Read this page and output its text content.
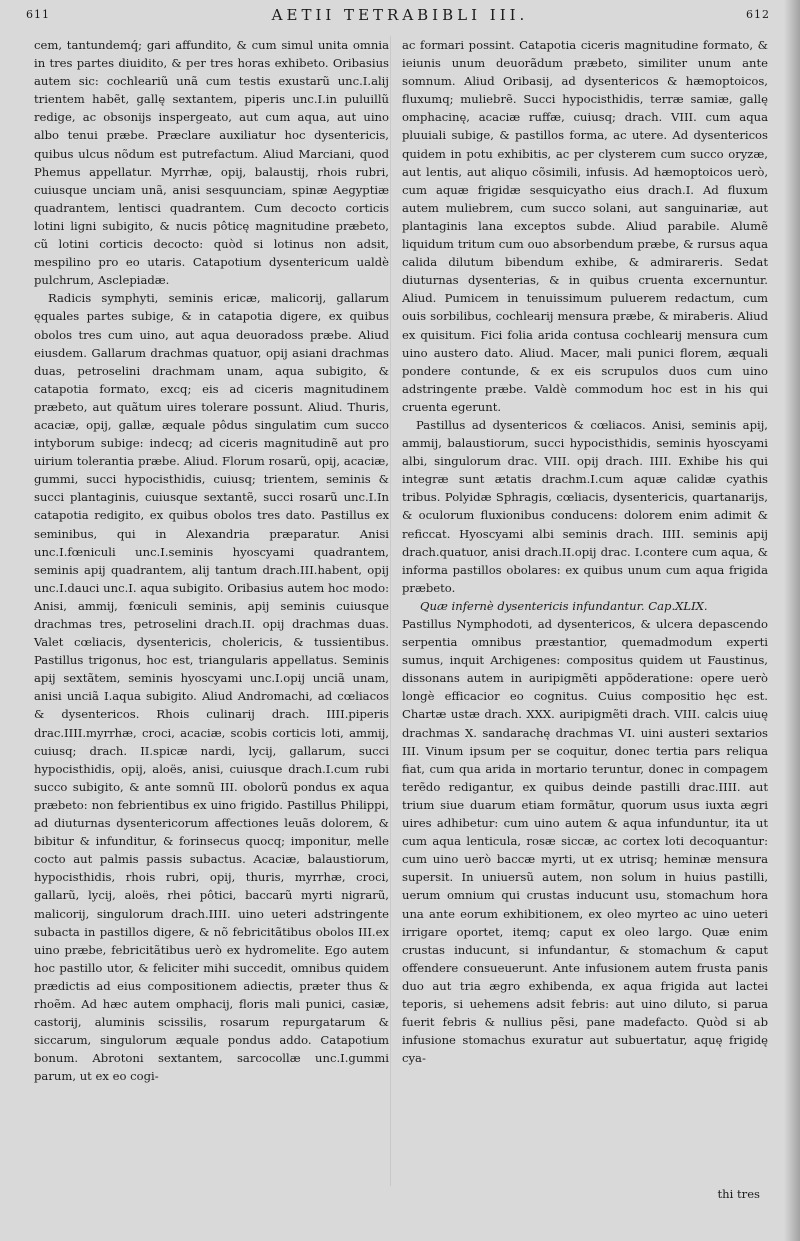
611	AETII TETRABIBLI III.	612

cem, tantundemq́; gari affundito, & cum simul unita omnia in tres partes diuidito, & per tres horas exhibeto. Oribasius autem sic: cochleariũ unã cum testis exustarũ unc.I.alij trientem habẽt, gallę sextantem, piperis unc.I.in puluillũ redige, ac obsonijs inspergeato, aut cum aqua, aut uino albo tenui præbe. Præclare auxiliatur hoc dysentericis, quibus ulcus nõdum est putrefactum. Aliud Marciani, quod Phemus appellatur. Myrrhæ, opij, balaustij, rhois rubri, cuiusque unciam unã, anisi sesquunciam, spinæ Aegyptiæ quadrantem, lentisci quadrantem. Cum decocto corticis lotini ligni subigito, & nucis pôticę magnitudine præbeto, cũ lotini corticis decocto: quòd si lotinus non adsit, mespilino pro eo utaris. Catapotium dysentericum ualdè pulchrum, Asclepiadæ.

Radicis symphyti, seminis ericæ, malicorij, gallarum ęquales partes subige, & in catapotia digere, ex quibus obolos tres cum uino, aut aqua deuoradoss præbe. Aliud eiusdem. Gallarum drachmas quatuor, opij asiani drachmas duas, petroselini drachmam unam, aqua subigito, & catapotia formato, excq; eis ad ciceris magnitudinem præbeto, aut quãtum uires tolerare possunt. Aliud. Thuris, acaciæ, opij, gallæ, æquale pôdus singulatim cum succo intyborum subige: indecq; ad ciceris magnitudinẽ aut pro uirium tolerantia præbe. Aliud. Florum rosarũ, opij, acaciæ, gummi, succi hypocisthidis, cuiusq; trientem, seminis & succi plantaginis, cuiusque sextantẽ, succi rosarũ unc.I.In catapotia redigito, ex quibus obolos tres dato. Pastillus ex seminibus, qui in Alexandria præparatur. Anisi unc.I.fœniculi unc.I.seminis hyoscyami quadrantem, seminis apij quadrantem, alij tantum drach.III.habent, opij unc.I.dauci unc.I. aqua subigito. Oribasius autem hoc modo: Anisi, ammij, fœniculi seminis, apij seminis cuiusque drachmas tres, petroselini drach.II. opij drachmas duas. Valet cœliacis, dysentericis, cholericis, & tussientibus. Pastillus trigonus, hoc est, triangularis appellatus. Seminis apij sextãtem, seminis hyoscyami unc.I.opij unciã unam, anisi unciã I.aqua subigito. Aliud Andromachi, ad cœliacos & dysentericos. Rhois culinarij drach. IIII.piperis drac.IIII.myrrhæ, croci, acaciæ, scobis corticis loti, ammij, cuiusq; drach. II.spicæ nardi, lycij, gallarum, succi hypocisthidis, opij, aloës, anisi, cuiusque drach.I.cum rubi succo subigito, & ante somnũ III. obolorũ pondus ex aqua præbeto: non febrientibus ex uino frigido. Pastillus Philippi, ad diuturnas dysentericorum affectiones leuãs dolorem, & bibitur & infunditur, & forinsecus quocq; imponitur, melle cocto aut palmis passis subactus. Acaciæ, balaustiorum, hypocisthidis, rhois rubri, opij, thuris, myrrhæ, croci, gallarũ, lycij, aloës, rhei pôtici, baccarũ myrti nigrarũ, malicorij, singulorum drach.IIII. uino ueteri adstringente subacta in pastillos digere, & nõ febricitãtibus obolos III.ex uino præbe, febricitãtibus uerò ex hydromelite. Ego autem hoc pastillo utor, & feliciter mihi succedit, omnibus quidem prædictis ad eius compositionem adiectis, præter thus & rhoẽm. Ad hæc autem omphacij, floris mali punici, casiæ, castorij, aluminis scissilis, rosarum repurgatarum & siccarum, singulorum æquale pondus addo. Catapotium bonum. Abrotoni sextantem, sarcocollæ unc.I.gummi parum, ut ex eo cogi-

ac formari possint. Catapotia ciceris magnitudine formato, & ieiunis unum deuorãdum præbeto, similiter unum ante somnum. Aliud Oribasij, ad dysentericos & hæmoptoicos, fluxumq; muliebrẽ. Succi hypocisthidis, terræ samiæ, gallę omphacinę, acaciæ ruffæ, cuiusq; drach. VIII. cum aqua pluuiali subige, & pastillos forma, ac utere. Ad dysentericos quidem in potu exhibitis, ac per clysterem cum succo oryzæ, aut lentis, aut aliquo cõsimili, infusis. Ad hæmoptoicos uerò, cum aquæ frigidæ sesquicyatho eius drach.I. Ad fluxum autem muliebrem, cum succo solani, aut sanguinariæ, aut plantaginis lana exceptos subde. Aliud parabile. Alumẽ liquidum tritum cum ouo absorbendum præbe, & rursus aqua calida dilutum bibendum exhibe, & admirareris. Sedat diuturnas dysenterias, & in quibus cruenta excernuntur. Aliud. Pumicem in tenuissimum puluerem redactum, cum ouis sorbilibus, cochlearij mensura præbe, & miraberis. Aliud ex quisitum. Fici folia arida contusa cochlearij mensura cum uino austero dato. Aliud. Macer, mali punici florem, æquali pondere contunde, & ex eis scrupulos duos cum uino adstringente præbe. Valdè commodum hoc est in his qui cruenta egerunt.

Pastillus ad dysentericos & cœliacos. Anisi, seminis apij, ammij, balaustiorum, succi hypocisthidis, seminis hyoscyami albi, singulorum drac. VIII. opij drach. IIII. Exhibe his qui integræ sunt ætatis drachm.I.cum aquæ calidæ cyathis tribus. Polyidæ Sphragis, cœliacis, dysentericis, quartanarijs, & oculorum fluxionibus conducens: dolorem enim adimit & reficcat. Hyoscyami albi seminis drach. IIII. seminis apij drach.quatuor, anisi drach.II.opij drac. I.contere cum aqua, & informa pastillos obolares: ex quibus unum cum aqua frigida præbeto.

Quæ infernè dysentericis infundantur. Cap.XLIX.

Pastillus Nymphodoti, ad dysentericos, & ulcera depascendo serpentia omnibus præstantior, quemadmodum experti sumus, inquit Archigenes: compositus quidem ut Faustinus, dissonans autem in auripigmẽti appõderatione: opere uerò longè efficacior eo cognitus. Cuius compositio hęc est. Chartæ ustæ drach. XXX. auripigmẽti drach. VIII. calcis uiuę drachmas X. sandarachę drachmas VI. uini austeri sextarios III. Vinum ipsum per se coquitur, donec tertia pars reliqua fiat, cum qua arida in mortario teruntur, donec in compagem terẽdo redigantur, ex quibus deinde pastilli drac.IIII. aut trium siue duarum etiam formãtur, quorum usus iuxta ægri uires adhibetur: cum uino autem & aqua infunduntur, ita ut cum aqua lenticula, rosæ siccæ, ac cortex loti decoquantur: cum uino uerò baccæ myrti, ut ex utrisq; heminæ mensura supersit. In uniuersũ autem, non solum in huius pastilli, uerum omnium qui crustas inducunt usu, stomachum hora una ante eorum exhibitionem, ex oleo myrteo ac uino ueteri irrigare oportet, itemq; caput ex oleo largo. Quæ enim crustas inducunt, si infundantur, & stomachum & caput offendere consueuerunt. Ante infusionem autem frusta panis duo aut tria ægro exhibenda, ex aqua frigida aut lactei teporis, si uehemens adsit febris: aut uino diluto, si parua fuerit febris & nullius pẽsi, pane madefacto. Quòd si ab infusione stomachus exuratur aut subuertatur, aquę frigidę cya-

thi tres
